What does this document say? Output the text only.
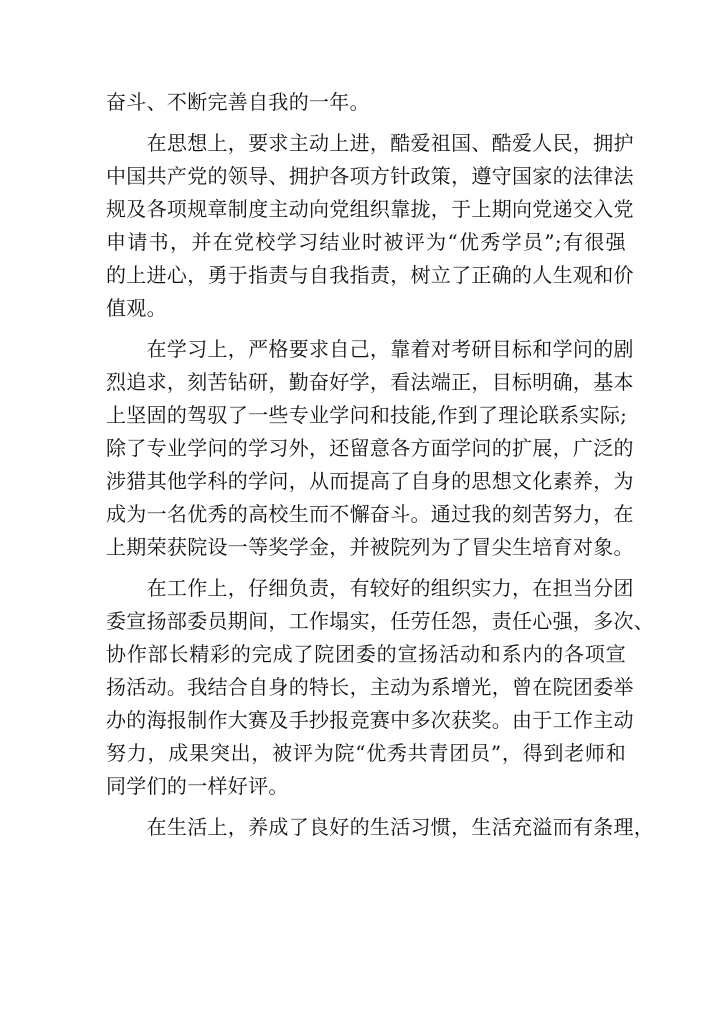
奋斗、不断完善自我的一年。
　　在思想上，要求主动上进，酷爱祖国、酷爱人民，拥护
中国共产党的领导、拥护各项方针政策，遵守国家的法律法
规及各项规章制度主动向党组织靠拢，于上期向党递交入党
申请书，并在党校学习结业时被评为“优秀学员”;有很强
的上进心，勇于指责与自我指责，树立了正确的人生观和价
值观。
　　在学习上，严格要求自己，靠着对考研目标和学问的剧
烈追求，刻苦钻研，勤奋好学，看法端正，目标明确，基本
上坚固的驾驭了一些专业学问和技能,作到了理论联系实际;
除了专业学问的学习外，还留意各方面学问的扩展，广泛的
涉猎其他学科的学问，从而提高了自身的思想文化素养，为
成为一名优秀的高校生而不懈奋斗。通过我的刻苦努力，在
上期荣获院设一等奖学金，并被院列为了冒尖生培育对象。
　　在工作上，仔细负责，有较好的组织实力，在担当分团
委宣扬部委员期间，工作塌实，任劳任怨，责任心强，多次、
协作部长精彩的完成了院团委的宣扬活动和系内的各项宣
扬活动。我结合自身的特长，主动为系增光，曾在院团委举
办的海报制作大赛及手抄报竞赛中多次获奖。由于工作主动
努力，成果突出，被评为院“优秀共青团员”，得到老师和
同学们的一样好评。
　　在生活上，养成了良好的生活习惯，生活充溢而有条理，
